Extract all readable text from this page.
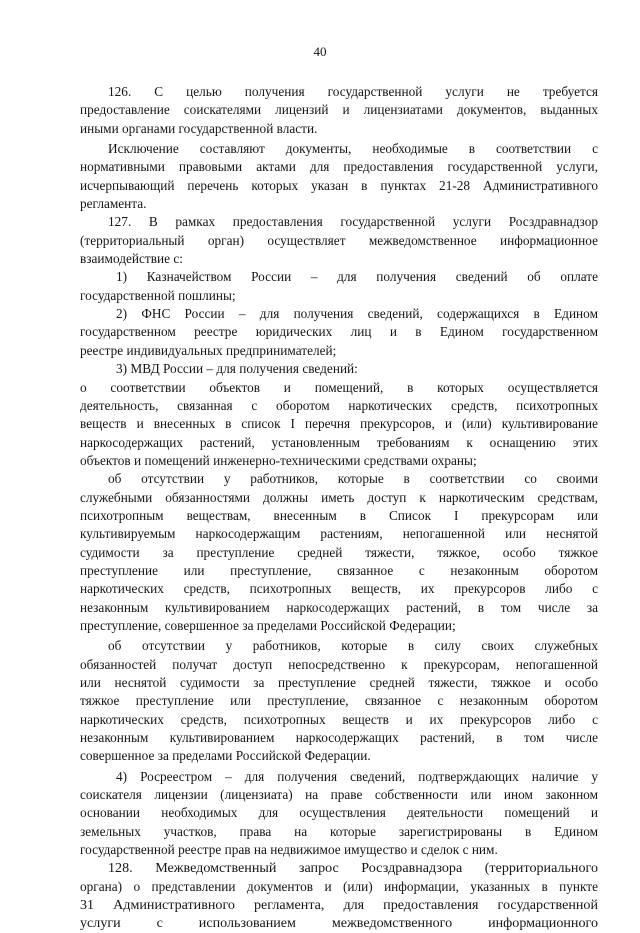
40
126. С целью получения государственной услуги не требуется
предоставление соискателями лицензий и лицензиатами документов, выданных
иными органами государственной власти.
Исключение составляют документы, необходимые в соответствии с
нормативными правовыми актами для предоставления государственной услуги,
исчерпывающий перечень которых указан в пунктах 21-28 Административного
регламента.
127. В рамках предоставления государственной услуги Росздравнадзор
(территориальный орган) осуществляет межведомственное информационное
взаимодействие с:
1) Казначейством России – для получения сведений об оплате
государственной пошлины;
2) ФНС России – для получения сведений, содержащихся в Едином
государственном реестре юридических лиц и в Едином государственном
реестре индивидуальных предпринимателей;
3) МВД России – для получения сведений:
о соответствии объектов и помещений, в которых осуществляется
деятельность, связанная с оборотом наркотических средств, психотропных
веществ и внесенных в список I перечня прекурсоров, и (или) культивирование
наркосодержащих растений, установленным требованиям к оснащению этих
объектов и помещений инженерно-техническими средствами охраны;
об отсутствии у работников, которые в соответствии со своими
служебными обязанностями должны иметь доступ к наркотическим средствам,
психотропным веществам, внесенным в Список I прекурсорам или
культивируемым наркосодержащим растениям, непогашенной или неснятой
судимости за преступление средней тяжести, тяжкое, особо тяжкое
преступление или преступление, связанное с незаконным оборотом
наркотических средств, психотропных веществ, их прекурсоров либо с
незаконным культивированием наркосодержащих растений, в том числе за
преступление, совершенное за пределами Российской Федерации;
об отсутствии у работников, которые в силу своих служебных
обязанностей получат доступ непосредственно к прекурсорам, непогашенной
или неснятой судимости за преступление средней тяжести, тяжкое и особо
тяжкое преступление или преступление, связанное с незаконным оборотом
наркотических средств, психотропных веществ и их прекурсоров либо с
незаконным культивированием наркосодержащих растений, в том числе
совершенное за пределами Российской Федерации.
4) Росреестром – для получения сведений, подтверждающих наличие у
соискателя лицензии (лицензиата) на праве собственности или ином законном
основании необходимых для осуществления деятельности помещений и
земельных участков, права на которые зарегистрированы в Едином
государственной реестре прав на недвижимое имущество и сделок с ним.
128. Межведомственный запрос Росздравнадзора (территориального
органа) о представлении документов и (или) информации, указанных в пункте
31 Административного регламента, для предоставления государственной
услуги с использованием межведомственного информационного
